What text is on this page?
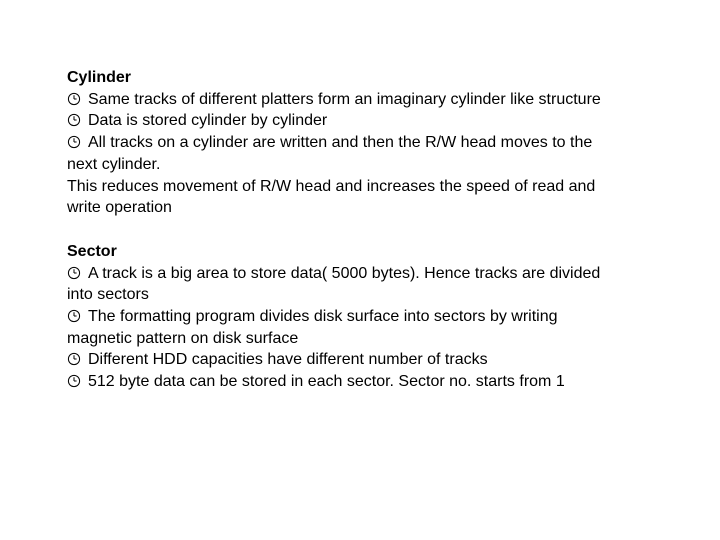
Cylinder
Same tracks of different platters form an imaginary cylinder like structure
Data is stored cylinder by cylinder
All tracks on a cylinder are written and then the R/W head moves to the
next cylinder.
This reduces movement of R/W head and increases the speed of read and
write operation
Sector
A track is a big area to store data( 5000 bytes). Hence tracks are divided
into sectors
The formatting program divides disk surface into sectors by writing
magnetic pattern on disk surface
Different HDD capacities have different number of tracks
512 byte data can be stored in each sector. Sector no. starts from 1
